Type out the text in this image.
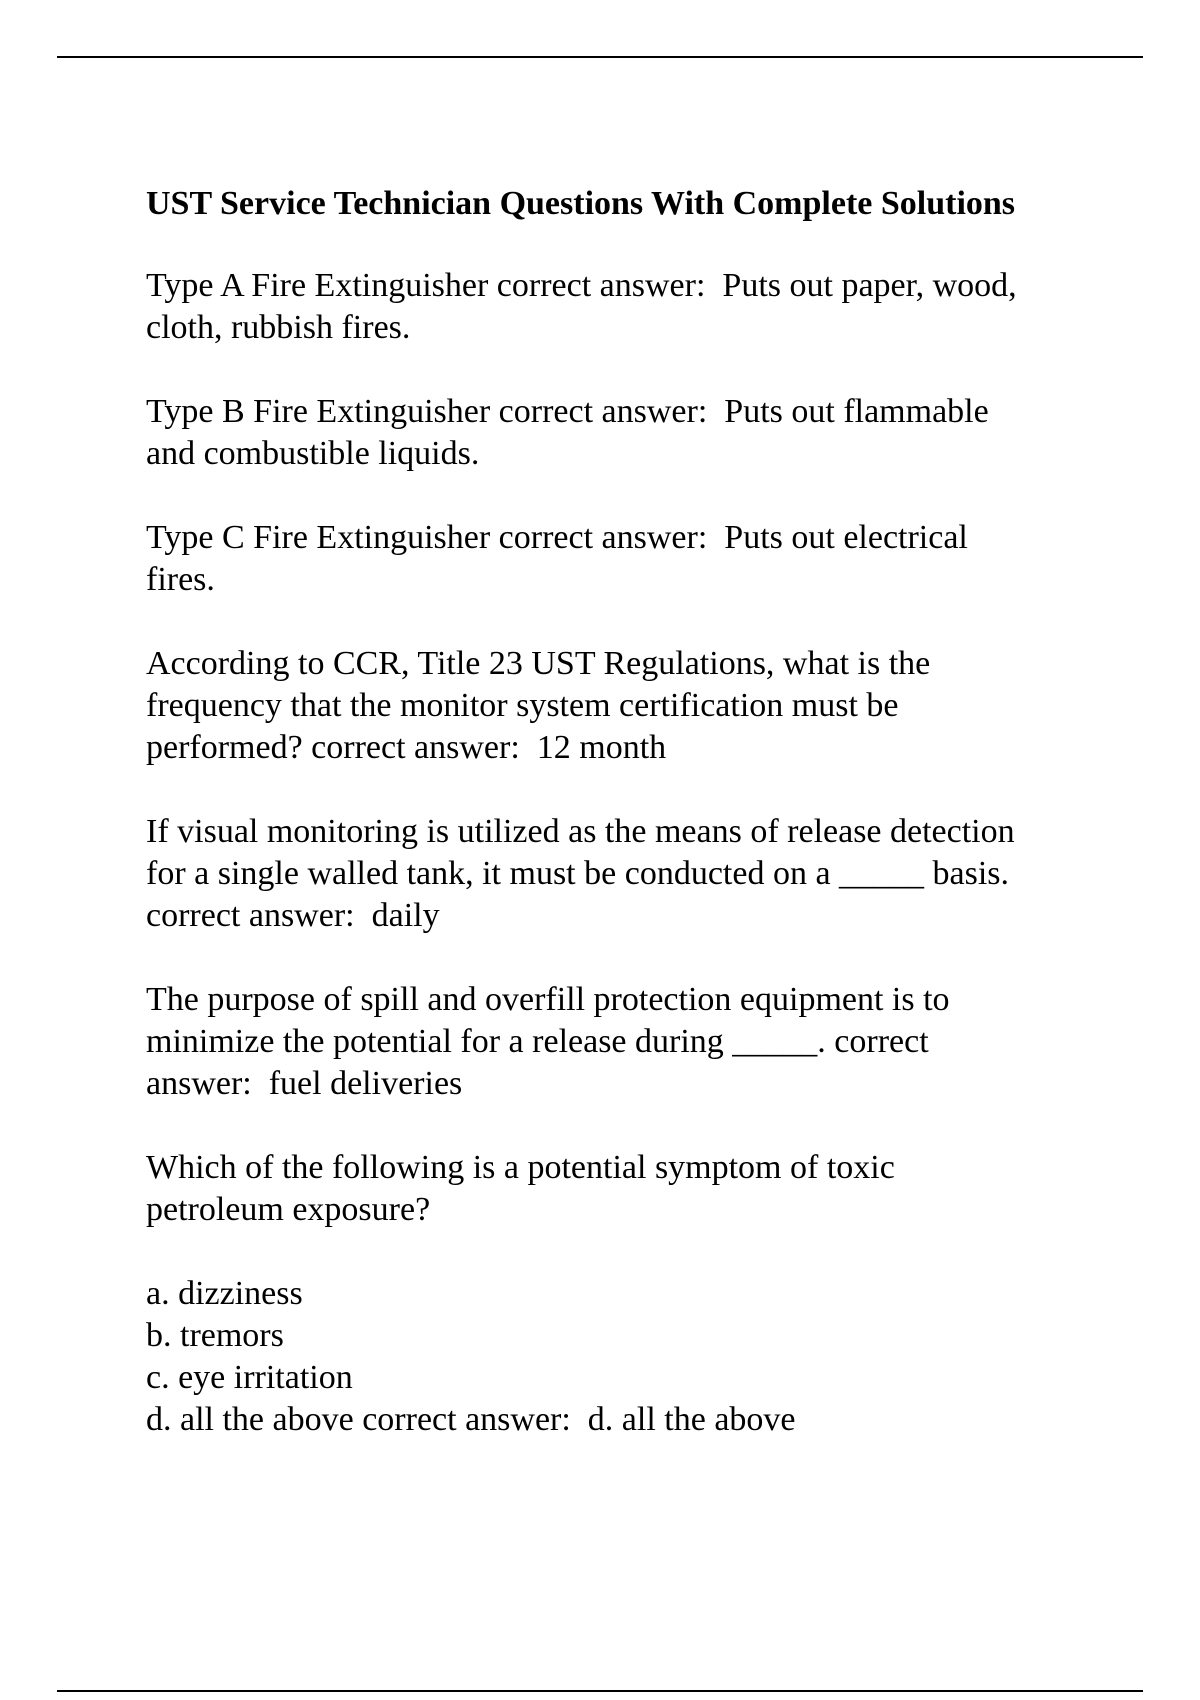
UST Service Technician Questions With Complete Solutions
Type A Fire Extinguisher correct answer:  Puts out paper, wood,
cloth, rubbish fires.
Type B Fire Extinguisher correct answer:  Puts out flammable
and combustible liquids.
Type C Fire Extinguisher correct answer:  Puts out electrical
fires.
According to CCR, Title 23 UST Regulations, what is the
frequency that the monitor system certification must be
performed? correct answer:  12 month
If visual monitoring is utilized as the means of release detection
for a single walled tank, it must be conducted on a _____ basis.
correct answer:  daily
The purpose of spill and overfill protection equipment is to
minimize the potential for a release during _____. correct
answer:  fuel deliveries
Which of the following is a potential symptom of toxic
petroleum exposure?
a. dizziness
b. tremors
c. eye irritation
d. all the above correct answer:  d. all the above
